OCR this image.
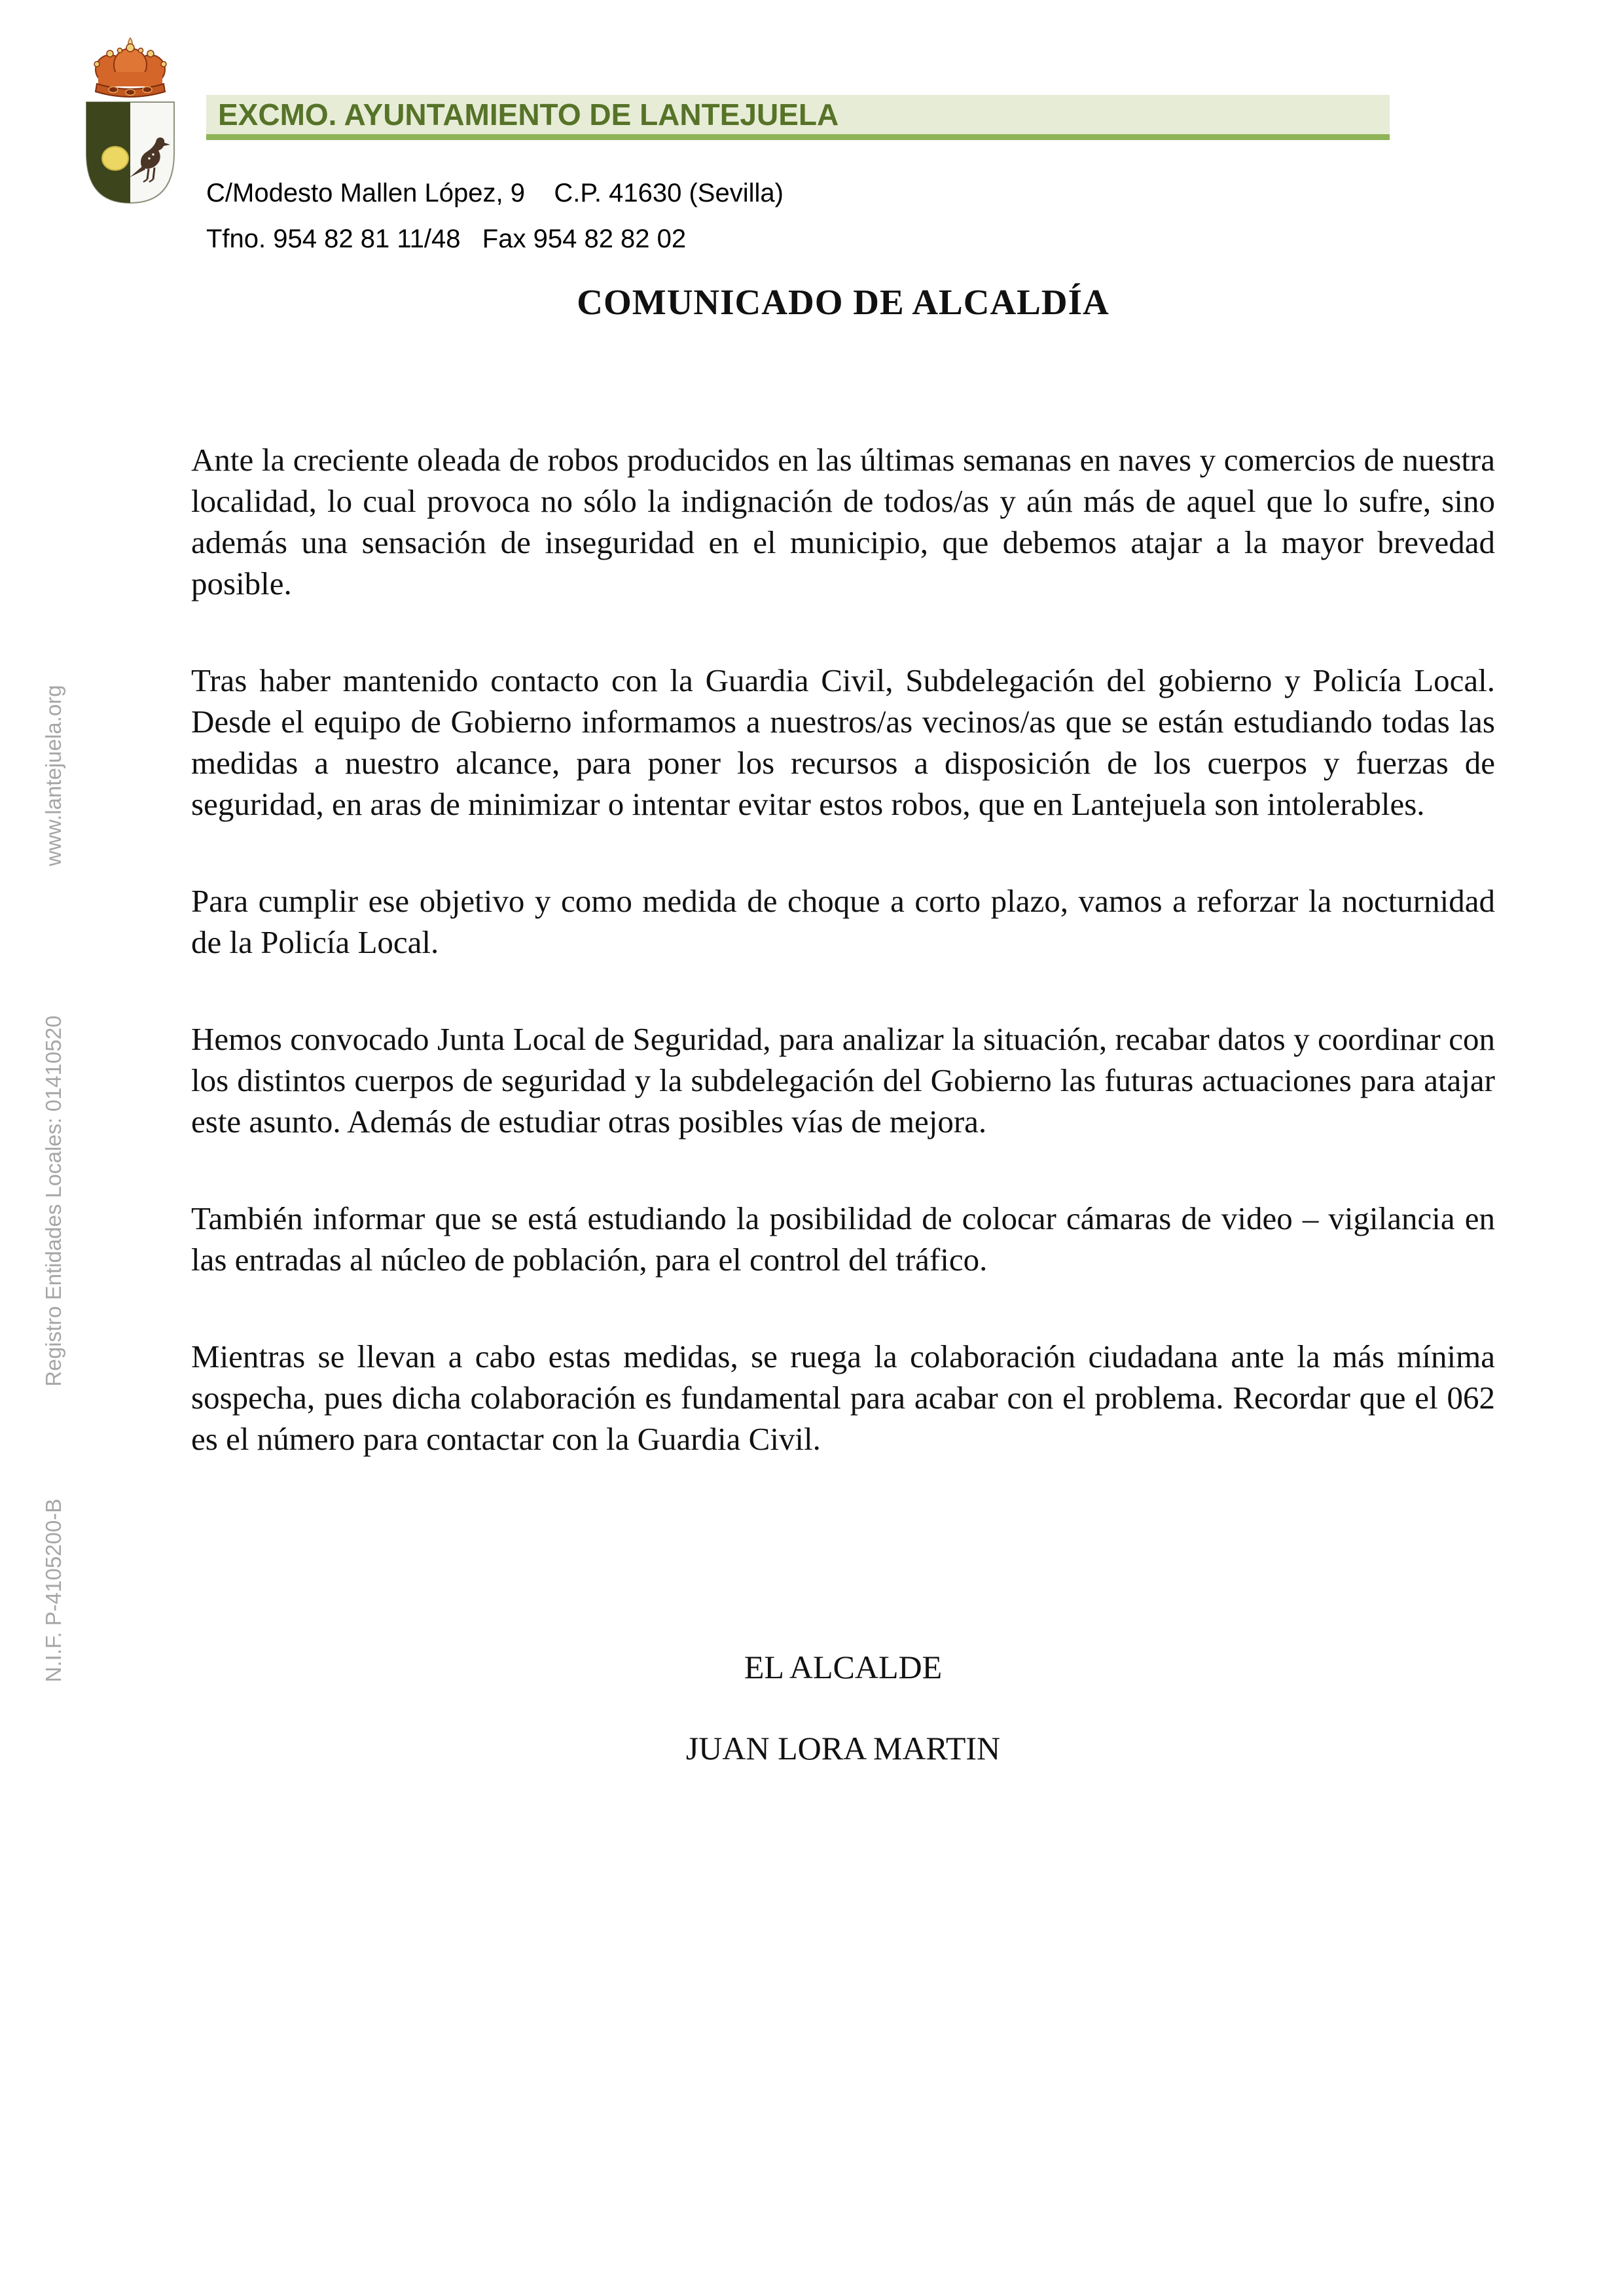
EXCMO. AYUNTAMIENTO DE LANTEJUELA
C/Modesto Mallen López, 9    C.P. 41630 (Sevilla)
Tfno. 954 82 81 11/48   Fax 954 82 82 02
www.lantejuela.org
Registro Entidades Locales: 01410520
N.I.F. P-4105200-B
COMUNICADO DE ALCALDÍA

Ante la creciente oleada de robos producidos en las últimas semanas en naves y comercios de nuestra localidad, lo cual provoca no sólo la indignación de todos/as y aún más de aquel que lo sufre, sino además una sensación de inseguridad en el municipio, que debemos atajar a la mayor brevedad posible.

Tras haber mantenido contacto con la Guardia Civil, Subdelegación del gobierno y Policía Local. Desde el equipo de Gobierno informamos a nuestros/as vecinos/as que se están estudiando todas las medidas a nuestro alcance, para poner los recursos a disposición de los cuerpos y fuerzas de seguridad, en aras de minimizar o intentar evitar estos robos, que en Lantejuela son intolerables.

Para cumplir ese objetivo y como medida de choque a corto plazo, vamos a reforzar la nocturnidad de la Policía Local.

Hemos convocado Junta Local de Seguridad, para analizar la situación, recabar datos y coordinar con los distintos cuerpos de seguridad y la subdelegación del Gobierno las futuras actuaciones para atajar este asunto. Además de estudiar otras posibles vías de mejora.

También informar que se está estudiando la posibilidad de colocar cámaras de video – vigilancia en las entradas al núcleo de población, para el control del tráfico.

Mientras se llevan a cabo estas medidas, se ruega la colaboración ciudadana ante la más mínima sospecha, pues dicha colaboración es fundamental para acabar con el problema. Recordar que el 062 es el número para contactar con la Guardia Civil.

EL ALCALDE
JUAN LORA MARTIN
